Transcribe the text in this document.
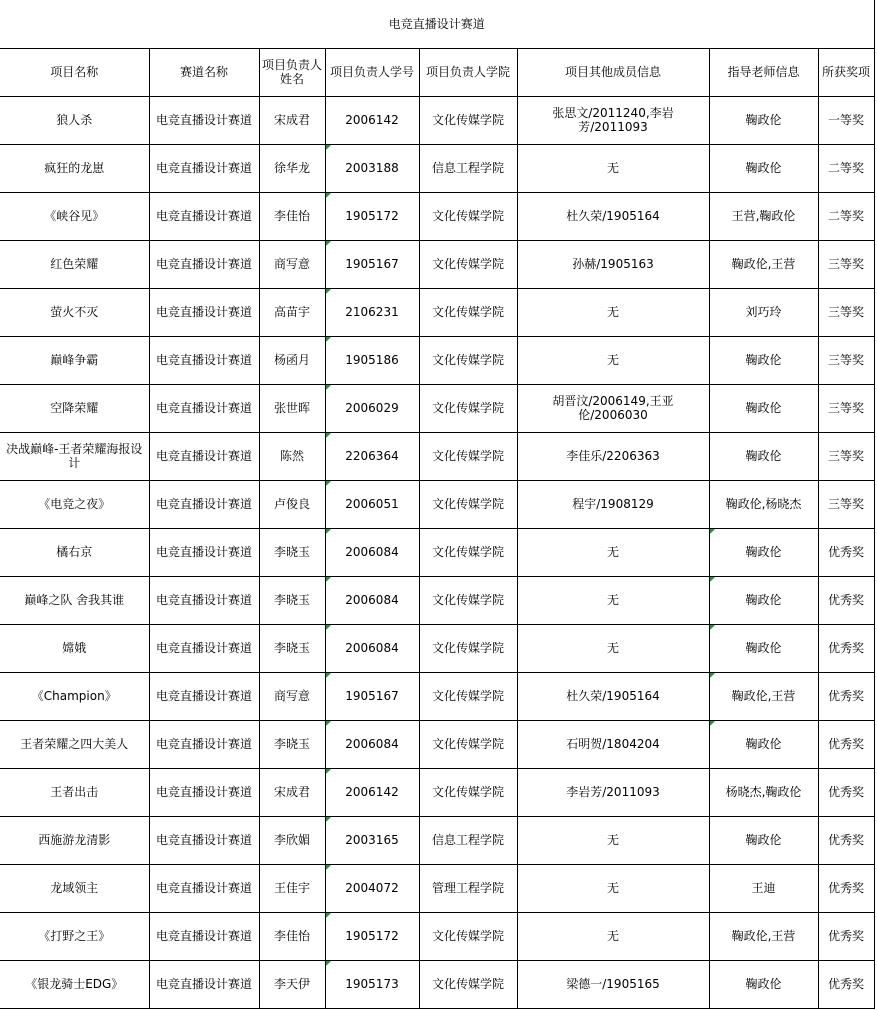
电竞直播设计赛道							
项目名称	赛道名称	项目负责人姓名	项目负责人学号	项目负责人学院	项目其他成员信息	指导老师信息	所获奖项
狼人杀	电竞直播设计赛道	宋成君	2006142	文化传媒学院	张思文/2011240,李岩芳/2011093	鞠政伦	一等奖
疯狂的龙崽	电竞直播设计赛道	徐华龙	2003188	信息工程学院	无	鞠政伦	二等奖
《峡谷见》	电竞直播设计赛道	李佳怡	1905172	文化传媒学院	杜久荣/1905164	王营,鞠政伦	二等奖
红色荣耀	电竞直播设计赛道	商写意	1905167	文化传媒学院	孙赫/1905163	鞠政伦,王营	三等奖
萤火不灭	电竞直播设计赛道	高苗宇	2106231	文化传媒学院	无	刘巧玲	三等奖
巅峰争霸	电竞直播设计赛道	杨函月	1905186	文化传媒学院	无	鞠政伦	三等奖
空降荣耀	电竞直播设计赛道	张世晖	2006029	文化传媒学院	胡晋汶/2006149,王亚伦/2006030	鞠政伦	三等奖
决战巅峰-王者荣耀海报设计	电竞直播设计赛道	陈然	2206364	文化传媒学院	李佳乐/2206363	鞠政伦	三等奖
《电竞之夜》	电竞直播设计赛道	卢俊良	2006051	文化传媒学院	程宇/1908129	鞠政伦,杨晓杰	三等奖
橘右京	电竞直播设计赛道	李晓玉	2006084	文化传媒学院	无	鞠政伦	优秀奖
巅峰之队 舍我其谁	电竞直播设计赛道	李晓玉	2006084	文化传媒学院	无	鞠政伦	优秀奖
嫦娥	电竞直播设计赛道	李晓玉	2006084	文化传媒学院	无	鞠政伦	优秀奖
《Champion》	电竞直播设计赛道	商写意	1905167	文化传媒学院	杜久荣/1905164	鞠政伦,王营	优秀奖
王者荣耀之四大美人	电竞直播设计赛道	李晓玉	2006084	文化传媒学院	石明贺/1804204	鞠政伦	优秀奖
王者出击	电竞直播设计赛道	宋成君	2006142	文化传媒学院	李岩芳/2011093	杨晓杰,鞠政伦	优秀奖
西施游龙清影	电竞直播设计赛道	李欣媚	2003165	信息工程学院	无	鞠政伦	优秀奖
龙域领主	电竞直播设计赛道	王佳宇	2004072	管理工程学院	无	王迪	优秀奖
《打野之王》	电竞直播设计赛道	李佳怡	1905172	文化传媒学院	无	鞠政伦,王营	优秀奖
《银龙骑士EDG》	电竞直播设计赛道	李天伊	1905173	文化传媒学院	梁德一/1905165	鞠政伦	优秀奖
